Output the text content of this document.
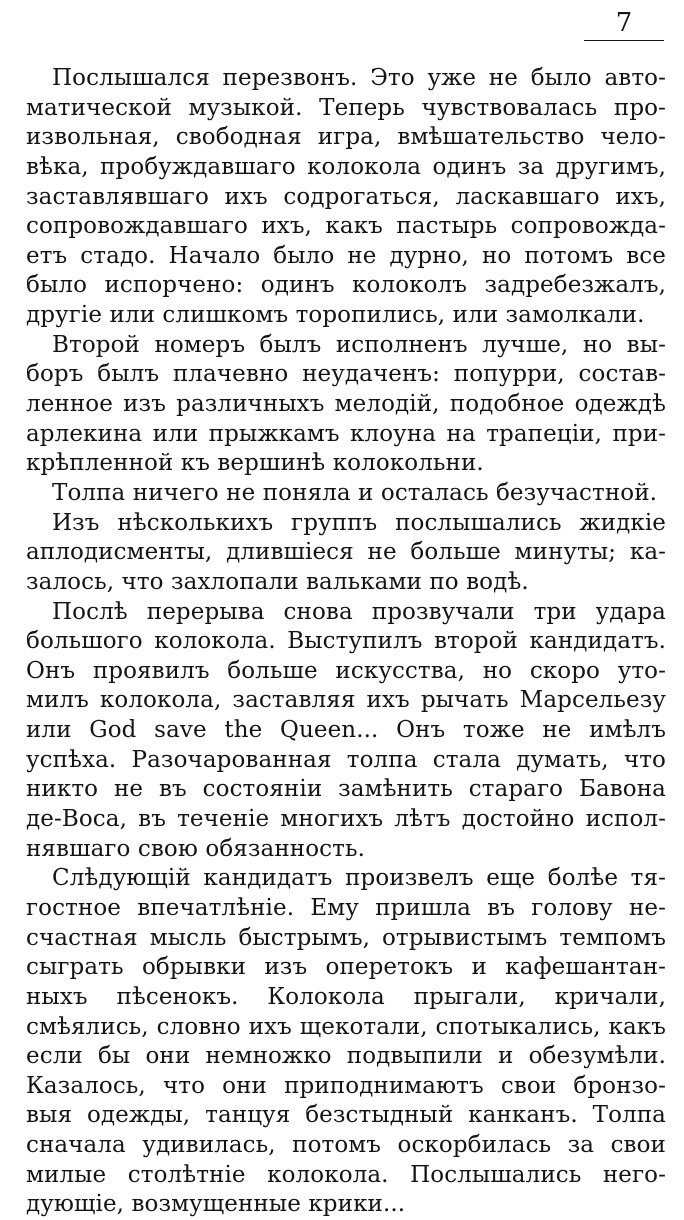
7
Послышался перезвонъ. Это уже не было авто-
матической музыкой. Теперь чувствовалась про-
извольная, свободная игра, вмѣшательство чело-
вѣка, пробуждавшаго колокола одинъ за другимъ,
заставлявшаго ихъ содрогаться, ласкавшаго ихъ,
сопровождавшаго ихъ, какъ пастырь сопровожда-
етъ стадо. Начало было не дурно, но потомъ все
было испорчено: одинъ колоколъ задребезжалъ,
другіе или слишкомъ торопились, или замолкали.
Второй номеръ былъ исполненъ лучше, но вы-
боръ былъ плачевно неудаченъ: попурри, состав-
ленное изъ различныхъ мелодій, подобное одеждѣ
арлекина или прыжкамъ клоуна на трапеціи, при-
крѣпленной къ вершинѣ колокольни.
Толпа ничего не поняла и осталась безучастной.
Изъ нѣсколькихъ группъ послышались жидкіе
аплодисменты, длившіеся не больше минуты; ка-
залось, что захлопали вальками по водѣ.
Послѣ перерыва снова прозвучали три удара
большого колокола. Выступилъ второй кандидатъ.
Онъ проявилъ больше искусства, но скоро уто-
милъ колокола, заставляя ихъ рычать Марсельезу
или God save the Queen... Онъ тоже не имѣлъ
успѣха. Разочарованная толпа стала думать, что
никто не въ состояніи замѣнить стараго Бавона
де-Воса, въ теченіе многихъ лѣтъ достойно испол-
нявшаго свою обязанность.
Слѣдующій кандидатъ произвелъ еще болѣе тя-
гостное впечатлѣніе. Ему пришла въ голову не-
счастная мысль быстрымъ, отрывистымъ темпомъ
сыграть обрывки изъ оперетокъ и кафешантан-
ныхъ пѣсенокъ. Колокола прыгали, кричали,
смѣялись, словно ихъ щекотали, спотыкались, какъ
если бы они немножко подвыпили и обезумѣли.
Казалось, что они приподнимаютъ свои бронзо-
выя одежды, танцуя безстыдный канканъ. Толпа
сначала удивилась, потомъ оскорбилась за свои
милые столѣтніе колокола. Послышались него-
дующіе, возмущенные крики...
